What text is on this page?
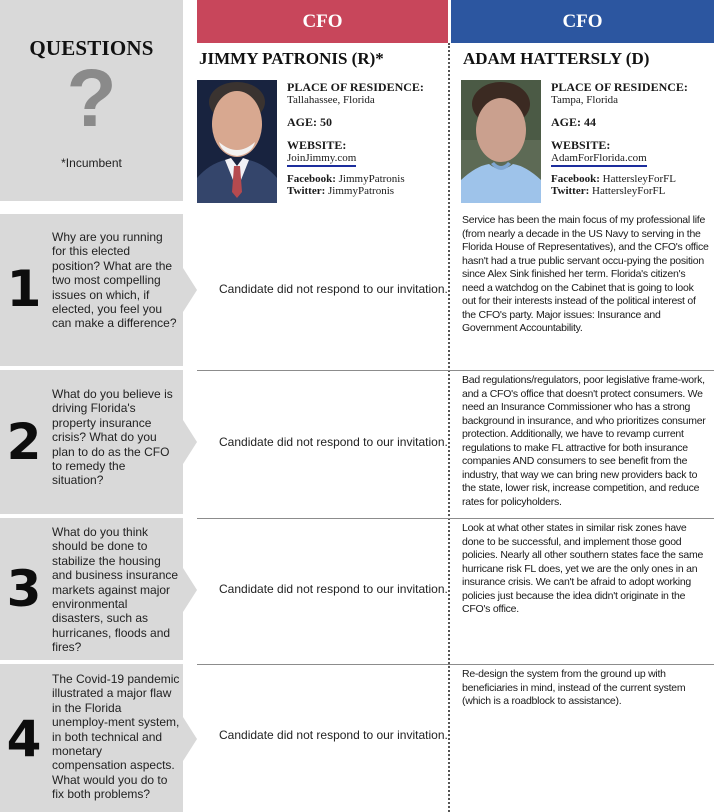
QUESTIONS
?
*Incumbent
CFO
JIMMY PATRONIS (R)*
PLACE OF RESIDENCE:
Tallahassee, Florida
AGE: 50
WEBSITE:
JoinJimmy.com
Facebook: JimmyPatronis
Twitter: JimmyPatronis
CFO
ADAM HATTERSLY (D)
PLACE OF RESIDENCE:
Tampa, Florida
AGE: 44
WEBSITE:
AdamForFlorida.com
Facebook: HattersleyForFL
Twitter: HattersleyForFL
1
Why are you running for this elected position? What are the two most compelling issues on which, if elected, you feel you can make a difference?
Candidate did not respond to our invitation.
Service has been the main focus of my professional life (from nearly a decade in the US Navy to serving in the Florida House of Representatives), and the CFO's office hasn't had a true public servant occu-pying the position since Alex Sink finished her term. Florida's citizen's need a watchdog on the Cabinet that is going to look out for their interests instead of the political interest of the CFO's party. Major issues: Insurance and Government Accountability.
2
What do you believe is driving Florida's property insurance crisis? What do you plan to do as the CFO to remedy the situation?
Candidate did not respond to our invitation.
Bad regulations/regulators, poor legislative frame-work, and a CFO's office that doesn't protect consumers. We need an Insurance Commissioner who has a strong background in insurance, and who prioritizes consumer protection. Additionally, we have to revamp current regulations to make FL attractive for both insurance companies AND consumers to see benefit from the industry, that way we can bring new providers back to the state, lower risk, increase competition, and reduce rates for policyholders.
3
What do you think should be done to stabilize the housing and business insurance markets against major environmental disasters, such as hurricanes, floods and fires?
Candidate did not respond to our invitation.
Look at what other states in similar risk zones have done to be successful, and implement those good policies. Nearly all other southern states face the same hurricane risk FL does, yet we are the only ones in an insurance crisis. We can't be afraid to adopt working policies just because the idea didn't originate in the CFO's office.
4
The Covid-19 pandemic illustrated a major flaw in the Florida unemploy-ment system, in both technical and monetary compensation aspects. What would you do to fix both problems?
Candidate did not respond to our invitation.
Re-design the system from the ground up with beneficiaries in mind, instead of the current system (which is a roadblock to assistance).
